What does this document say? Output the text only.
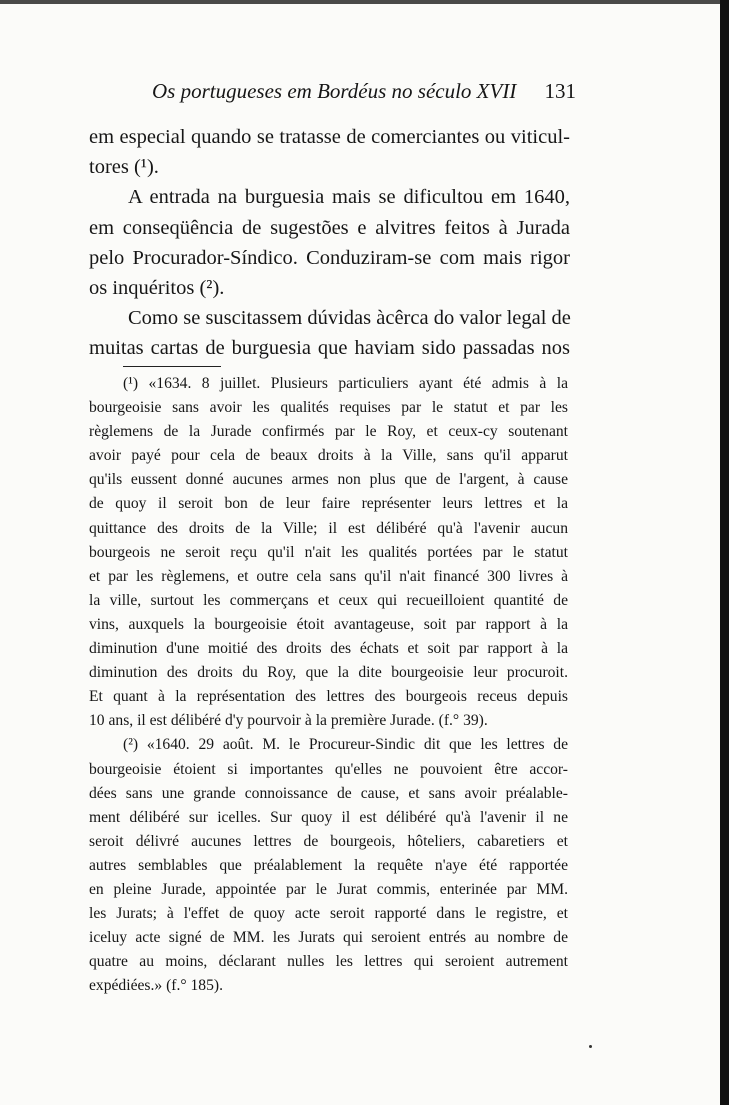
Os portugueses em Bordéus no século XVII	131
em especial quando se tratasse de comerciantes ou viticul-
tores (¹).
A entrada na burguesia mais se dificultou em 1640,
em conseqüência de sugestões e alvitres feitos à Jurada
pelo Procurador-Síndico. Conduziram-se com mais rigor
os inquéritos (²).
Como se suscitassem dúvidas àcêrca do valor legal de
muitas cartas de burguesia que haviam sido passadas nos
(¹) «1634. 8 juillet. Plusieurs particuliers ayant été admis à la
bourgeoisie sans avoir les qualités requises par le statut et par les
règlemens de la Jurade confirmés par le Roy, et ceux-cy soutenant
avoir payé pour cela de beaux droits à la Ville, sans qu'il apparut
qu'ils eussent donné aucunes armes non plus que de l'argent, à cause
de quoy il seroit bon de leur faire représenter leurs lettres et la
quittance des droits de la Ville; il est délibéré qu'à l'avenir aucun
bourgeois ne seroit reçu qu'il n'ait les qualités portées par le statut
et par les règlemens, et outre cela sans qu'il n'ait financé 300 livres à
la ville, surtout les commerçans et ceux qui recueilloient quantité de
vins, auxquels la bourgeoisie étoit avantageuse, soit par rapport à la
diminution d'une moitié des droits des échats et soit par rapport à la
diminution des droits du Roy, que la dite bourgeoisie leur procuroit.
Et quant à la représentation des lettres des bourgeois receus depuis
10 ans, il est délibéré d'y pourvoir à la première Jurade. (f.° 39).
(²) «1640. 29 août. M. le Procureur-Sindic dit que les lettres de
bourgeoisie étoient si importantes qu'elles ne pouvoient être accor-
dées sans une grande connoissance de cause, et sans avoir préalable-
ment délibéré sur icelles. Sur quoy il est délibéré qu'à l'avenir il ne
seroit délivré aucunes lettres de bourgeois, hôteliers, cabaretiers et
autres semblables que préalablement la requête n'aye été rapportée
en pleine Jurade, appointée par le Jurat commis, enterinée par MM.
les Jurats; à l'effet de quoy acte seroit rapporté dans le registre, et
iceluy acte signé de MM. les Jurats qui seroient entrés au nombre de
quatre au moins, déclarant nulles les lettres qui seroient autrement
expédiées.» (f.° 185).
